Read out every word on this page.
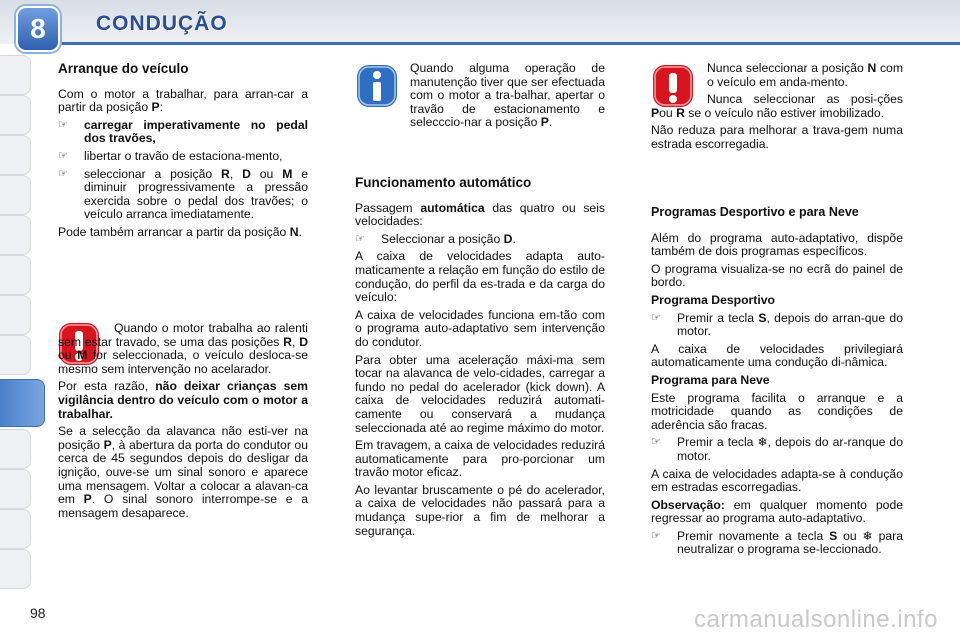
8	CONDUÇÃO
Arranque do veículo

Com o motor a trabalhar, para arran-car a partir da posição P:

☞	carregar imperativamente no pedal dos travões,
☞	libertar o travão de estaciona-mento,
☞	seleccionar a posição R, D ou M e diminuir progressivamente a pressão exercida sobre o pedal dos travões; o veículo arranca imediatamente.

Pode também arrancar a partir da posição N.

Quando o motor trabalha ao ralenti sem estar travado, se uma das posições R, D ou M for seleccionada, o veículo desloca-se mesmo sem intervenção no acelarador.

Por esta razão, não deixar crianças sem vigilância dentro do veículo com o motor a trabalhar.

Se a selecção da alavanca não esti-ver na posição P, à abertura da porta do condutor ou cerca de 45 segundos depois do desligar da ignição, ouve-se um sinal sonoro e aparece uma mensagem. Voltar a colocar a alavan-ca em P. O sinal sonoro interrompe-se e a mensagem desaparece.

Quando alguma operação de manutenção tiver que ser efectuada com o motor a tra-balhar, apertar o travão de estacionamento e selecccio-nar a posição P.

Funcionamento automático

Passagem automática das quatro ou seis velocidades:

☞	Seleccionar a posição D.

A caixa de velocidades adapta auto-maticamente a relação em função do estilo de condução, do perfil da es-trada e da carga do veículo:

A caixa de velocidades funciona em-tão com o programa auto-adaptativo sem intervenção do condutor.

Para obter uma aceleração máxi-ma sem tocar na alavanca de velo-cidades, carregar a fundo no pedal do acelerador (kick down). A caixa de velocidades reduzirá automati-camente ou conservará a mudança seleccionada até ao regime máximo do motor.

Em travagem, a caixa de velocidades reduzirá automaticamente para pro-porcionar um travão motor eficaz.

Ao levantar bruscamente o pé do acelerador, a caixa de velocidades não passará para a mudança supe-rior a fim de melhorar a segurança.

Nunca seleccionar a posição N com o veículo em anda-mento.

Nunca seleccionar as posi-ções Pou R se o veículo não estiver imobilizado.

Não reduza para melhorar a trava-gem numa estrada escorregadia.

Programas Desportivo e para Neve

Além do programa auto-adaptativo, dispõe também de dois programas específicos.

O programa visualiza-se no ecrã do painel de bordo.

Programa Desportivo
☞	Premir a tecla S, depois do arran-que do motor.

A caixa de velocidades privilegiará automaticamente uma condução di-nâmica.

Programa para Neve

Este programa facilita o arranque e a motricidade quando as condições de aderência são fracas.

☞	Premir a tecla ❄, depois do ar-ranque do motor.

A caixa de velocidades adapta-se à condução em estradas escorregadias.

Observação: em qualquer momento pode regressar ao programa auto-adaptativo.

☞	Premir novamente a tecla S ou ❄ para neutralizar o programa se-leccionado.
98	carmanualsonline.info
